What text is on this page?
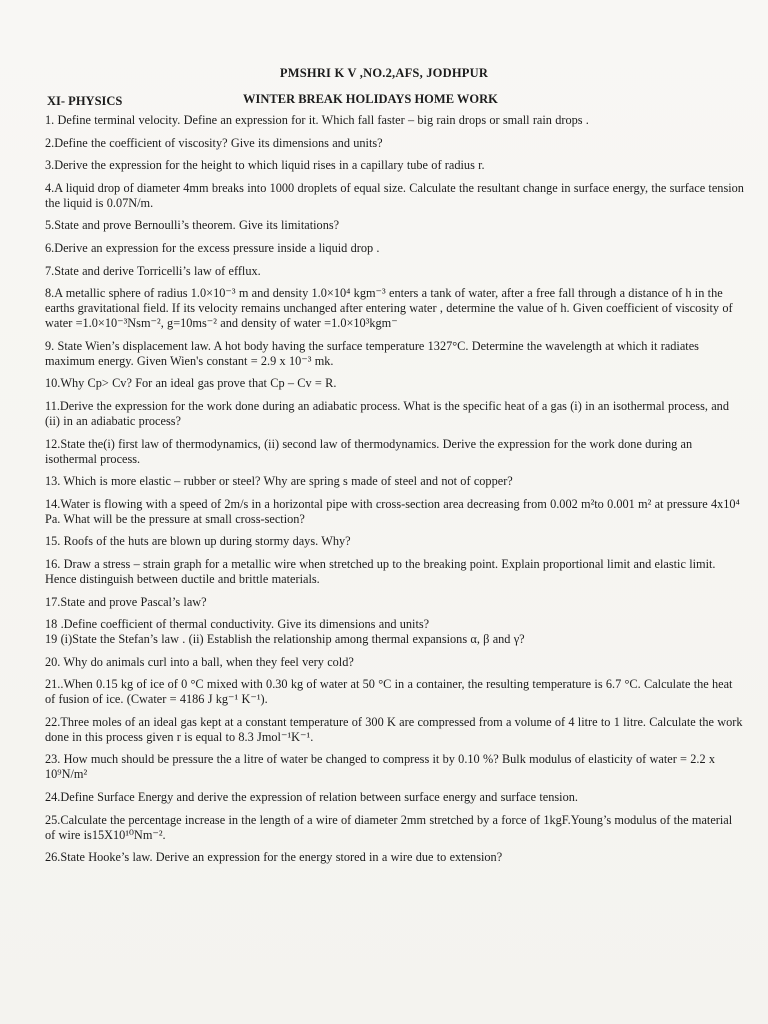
PMSHRI K V ,NO.2,AFS, JODHPUR
XI- PHYSICS	WINTER BREAK HOLIDAYS HOME WORK
1. Define terminal velocity. Define an expression for it. Which fall faster – big rain drops or small rain drops .
2.Define the coefficient of viscosity? Give its dimensions and units?
3.Derive the expression for the height to which liquid rises in a capillary tube of radius r.
4.A liquid drop of diameter 4mm breaks into 1000 droplets of equal size. Calculate the resultant change in surface energy, the surface tension the liquid is 0.07N/m.
5.State and prove Bernoulli’s theorem. Give its limitations?
6.Derive an expression for the excess pressure inside a liquid drop .
7.State and derive Torricelli’s law of efflux.
8.A metallic sphere of radius 1.0×10⁻³ m and density 1.0×10⁴ kgm⁻³ enters a tank of water, after a free fall through a distance of h in the earths gravitational field. If its velocity remains unchanged after entering water , determine the value of h. Given coefficient of viscosity of water =1.0×10⁻³Nsm⁻², g=10ms⁻² and density of water =1.0×10³kgm⁻
9. State Wien’s displacement law. A hot body having the surface temperature 1327°C. Determine the wavelength at which it radiates maximum energy. Given Wien's constant = 2.9 x 10⁻³ mk.
10.Why Cp> Cv? For an ideal gas prove that Cp – Cv = R.
11.Derive the expression for the work done during an adiabatic process. What is the specific heat of a gas (i) in an isothermal process, and (ii) in an adiabatic process?
12.State the(i) first law of thermodynamics, (ii) second law of thermodynamics. Derive the expression for the work done during an isothermal process.
13. Which is more elastic – rubber or steel? Why are spring s made of steel and not of copper?
14.Water is flowing with a speed of 2m/s in a horizontal pipe with cross-section area decreasing from 0.002 m²to 0.001 m² at pressure 4x10⁴ Pa. What will be the pressure at small cross-section?
15. Roofs of the huts are blown up during stormy days. Why?
16. Draw a stress – strain graph for a metallic wire when stretched up to the breaking point. Explain proportional limit and elastic limit. Hence distinguish between ductile and brittle materials.
17.State and prove Pascal’s law?
18 .Define coefficient of thermal conductivity. Give its dimensions and units?
19 (i)State the Stefan’s law . (ii) Establish the relationship among thermal expansions α, β and γ?
20. Why do animals curl into a ball, when they feel very cold?
21..When 0.15 kg of ice of 0 °C mixed with 0.30 kg of water at 50 °C in a container, the resulting temperature is 6.7 °C. Calculate the heat of fusion of ice. (Cwater = 4186 J kg⁻¹ K⁻¹).
22.Three moles of an ideal gas kept at a constant temperature of 300 K are compressed from a volume of 4 litre to 1 litre. Calculate the work done in this process given r is equal to 8.3 Jmol⁻¹K⁻¹.
23. How much should be pressure the a litre of water be changed to compress it by 0.10 %? Bulk modulus of elasticity of water = 2.2 x 10⁹N/m²
24.Define Surface Energy and derive the expression of relation between surface energy and surface tension.
25.Calculate the percentage increase in the length of a wire of diameter 2mm stretched by a force of 1kgF.Young’s modulus of the material of wire is15X10¹⁰Nm⁻².
26.State Hooke’s law. Derive an expression for the energy stored in a wire due to extension?
